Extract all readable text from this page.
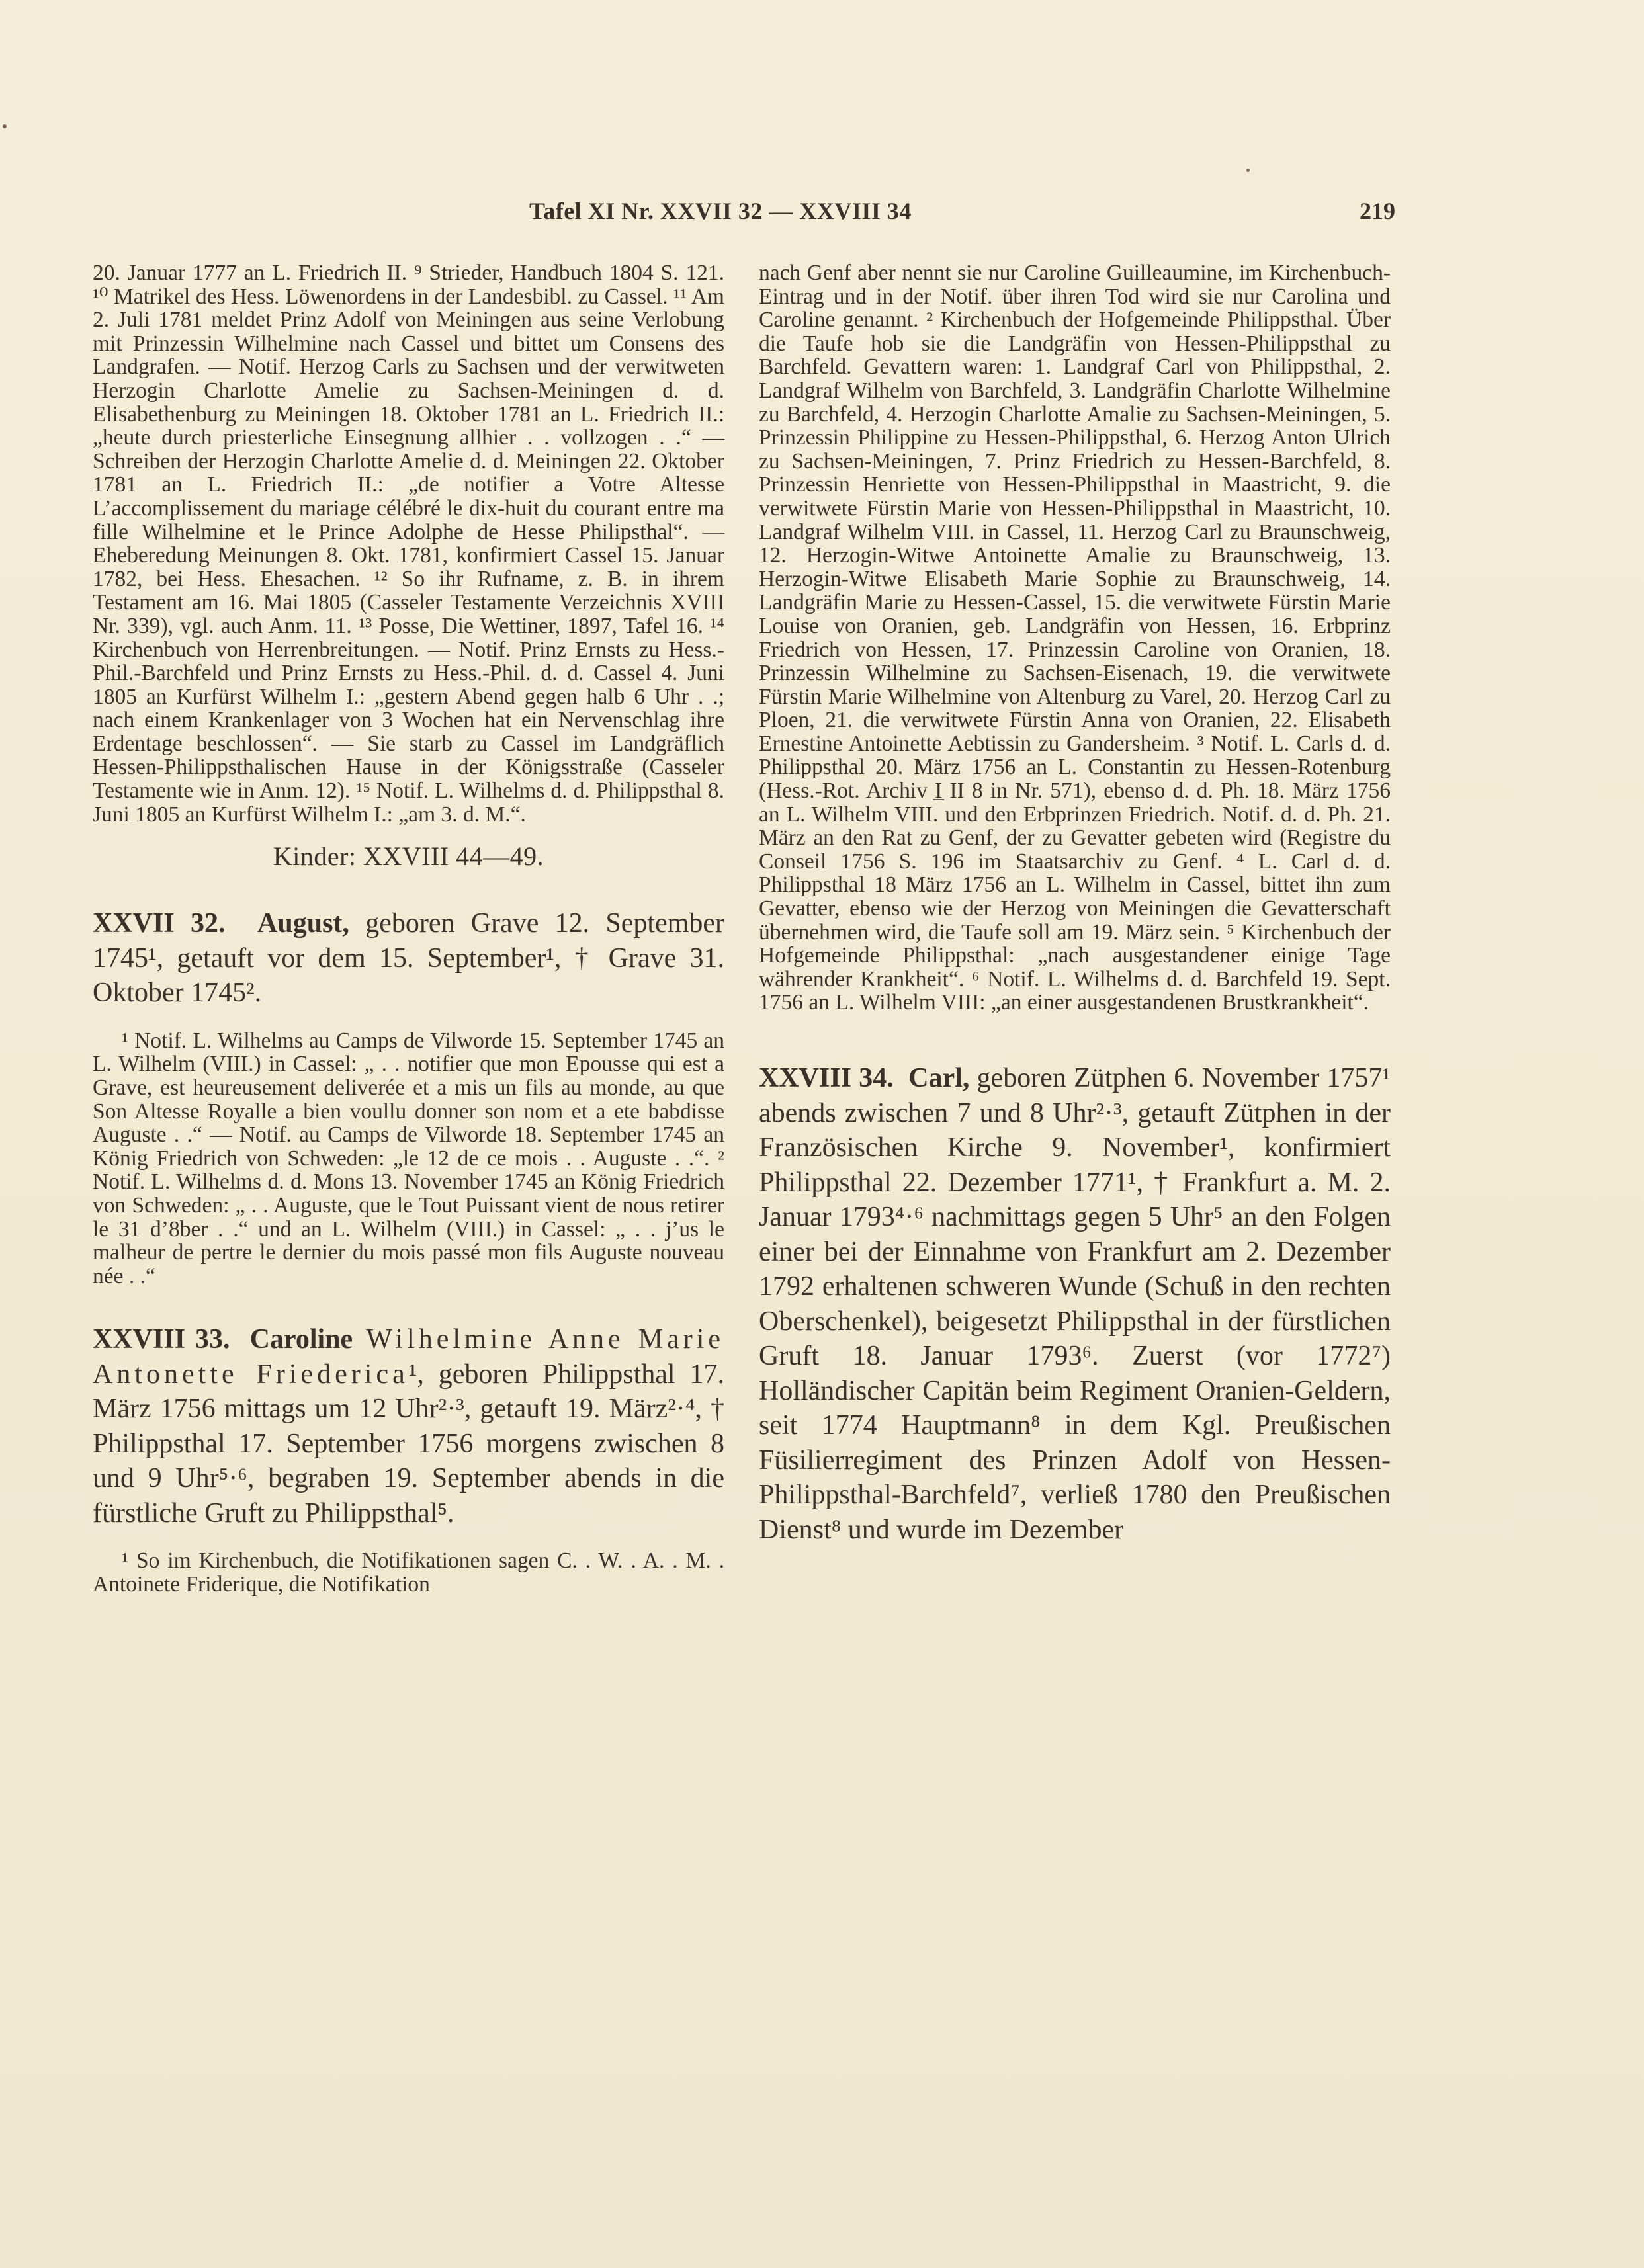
Tafel XI Nr. XXVII 32 — XXVIII 34	219

20. Januar 1777 an L. Friedrich II. ⁹ Strieder, Handbuch 1804 S. 121. ¹⁰ Matrikel des Hess. Löwenordens in der Landesbibl. zu Cassel. ¹¹ Am 2. Juli 1781 meldet Prinz Adolf von Meiningen aus seine Verlobung mit Prinzessin Wilhelmine nach Cassel und bittet um Consens des Landgrafen. — Notif. Herzog Carls zu Sachsen und der verwitweten Herzogin Charlotte Amelie zu Sachsen-Meiningen d. d. Elisabethenburg zu Meiningen 18. Oktober 1781 an L. Friedrich II.: „heute durch priesterliche Einsegnung allhier . . vollzogen . .“ — Schreiben der Herzogin Charlotte Amelie d. d. Meiningen 22. Oktober 1781 an L. Friedrich II.: „de notifier a Votre Altesse L’accomplissement du mariage célébré le dix-huit du courant entre ma fille Wilhelmine et le Prince Adolphe de Hesse Philipsthal“. — Eheberedung Meinungen 8. Okt. 1781, konfirmiert Cassel 15. Januar 1782, bei Hess. Ehesachen. ¹² So ihr Rufname, z. B. in ihrem Testament am 16. Mai 1805 (Casseler Testamente Verzeichnis XVIII Nr. 339), vgl. auch Anm. 11. ¹³ Posse, Die Wettiner, 1897, Tafel 16. ¹⁴ Kirchenbuch von Herrenbreitungen. — Notif. Prinz Ernsts zu Hess.-Phil.-Barchfeld und Prinz Ernsts zu Hess.-Phil. d. d. Cassel 4. Juni 1805 an Kurfürst Wilhelm I.: „gestern Abend gegen halb 6 Uhr . .; nach einem Krankenlager von 3 Wochen hat ein Nervenschlag ihre Erdentage beschlossen“. — Sie starb zu Cassel im Landgräflich Hessen-Philippsthalischen Hause in der Königsstraße (Casseler Testamente wie in Anm. 12). ¹⁵ Notif. L. Wilhelms d. d. Philippsthal 8. Juni 1805 an Kurfürst Wilhelm I.: „am 3. d. M.“.

Kinder: XXVIII 44—49.

XXVII 32. August, geboren Grave 12. September 1745¹, getauft vor dem 15. September¹, † Grave 31. Oktober 1745².

¹ Notif. L. Wilhelms au Camps de Vilworde 15. September 1745 an L. Wilhelm (VIII.) in Cassel: „ . . notifier que mon Epousse qui est a Grave, est heureusement deliverée et a mis un fils au monde, au que Son Altesse Royalle a bien voullu donner son nom et a ete babdisse Auguste . .“ — Notif. au Camps de Vilworde 18. September 1745 an König Friedrich von Schweden: „le 12 de ce mois . . Auguste . .“. ² Notif. L. Wilhelms d. d. Mons 13. November 1745 an König Friedrich von Schweden: „ . . Auguste, que le Tout Puissant vient de nous retirer le 31 d’8ber . .“ und an L. Wilhelm (VIII.) in Cassel: „ . . j’us le malheur de pertre le dernier du mois passé mon fils Auguste nouveau née . .“

XXVIII 33. Caroline Wilhelmine Anne Marie Antonette Friederica¹, geboren Philippsthal 17. März 1756 mittags um 12 Uhr²·³, getauft 19. März²·⁴, † Philippsthal 17. September 1756 morgens zwischen 8 und 9 Uhr⁵·⁶, begraben 19. September abends in die fürstliche Gruft zu Philippsthal⁵.

¹ So im Kirchenbuch, die Notifikationen sagen C. . W. . A. . M. . Antoinete Friderique, die Notifikation

nach Genf aber nennt sie nur Caroline Guilleaumine, im Kirchenbuch-Eintrag und in der Notif. über ihren Tod wird sie nur Carolina und Caroline genannt. ² Kirchenbuch der Hofgemeinde Philippsthal. Über die Taufe hob sie die Landgräfin von Hessen-Philippsthal zu Barchfeld. Gevattern waren: 1. Landgraf Carl von Philippsthal, 2. Landgraf Wilhelm von Barchfeld, 3. Landgräfin Charlotte Wilhelmine zu Barchfeld, 4. Herzogin Charlotte Amalie zu Sachsen-Meiningen, 5. Prinzessin Philippine zu Hessen-Philippsthal, 6. Herzog Anton Ulrich zu Sachsen-Meiningen, 7. Prinz Friedrich zu Hessen-Barchfeld, 8. Prinzessin Henriette von Hessen-Philippsthal in Maastricht, 9. die verwitwete Fürstin Marie von Hessen-Philippsthal in Maastricht, 10. Landgraf Wilhelm VIII. in Cassel, 11. Herzog Carl zu Braunschweig, 12. Herzogin-Witwe Antoinette Amalie zu Braunschweig, 13. Herzogin-Witwe Elisabeth Marie Sophie zu Braunschweig, 14. Landgräfin Marie zu Hessen-Cassel, 15. die verwitwete Fürstin Marie Louise von Oranien, geb. Landgräfin von Hessen, 16. Erbprinz Friedrich von Hessen, 17. Prinzessin Caroline von Oranien, 18. Prinzessin Wilhelmine zu Sachsen-Eisenach, 19. die verwitwete Fürstin Marie Wilhelmine von Altenburg zu Varel, 20. Herzog Carl zu Ploen, 21. die verwitwete Fürstin Anna von Oranien, 22. Elisabeth Ernestine Antoinette Aebtissin zu Gandersheim. ³ Notif. L. Carls d. d. Philippsthal 20. März 1756 an L. Constantin zu Hessen-Rotenburg (Hess.-Rot. Archiv I̲ II 8 in Nr. 571), ebenso d. d. Ph. 18. März 1756 an L. Wilhelm VIII. und den Erbprinzen Friedrich. Notif. d. d. Ph. 21. März an den Rat zu Genf, der zu Gevatter gebeten wird (Registre du Conseil 1756 S. 196 im Staatsarchiv zu Genf. ⁴ L. Carl d. d. Philippsthal 18 März 1756 an L. Wilhelm in Cassel, bittet ihn zum Gevatter, ebenso wie der Herzog von Meiningen die Gevatterschaft übernehmen wird, die Taufe soll am 19. März sein. ⁵ Kirchenbuch der Hofgemeinde Philippsthal: „nach ausgestandener einige Tage währender Krankheit“. ⁶ Notif. L. Wilhelms d. d. Barchfeld 19. Sept. 1756 an L. Wilhelm VIII: „an einer ausgestandenen Brustkrankheit“.

XXVIII 34. Carl, geboren Zütphen 6. November 1757¹ abends zwischen 7 und 8 Uhr²·³, getauft Zütphen in der Französischen Kirche 9. November¹, konfirmiert Philippsthal 22. Dezember 1771¹, † Frankfurt a. M. 2. Januar 1793⁴·⁶ nachmittags gegen 5 Uhr⁵ an den Folgen einer bei der Einnahme von Frankfurt am 2. Dezember 1792 erhaltenen schweren Wunde (Schuß in den rechten Oberschenkel), beigesetzt Philippsthal in der fürstlichen Gruft 18. Januar 1793⁶. Zuerst (vor 1772⁷) Holländischer Capitän beim Regiment Oranien-Geldern, seit 1774 Hauptmann⁸ in dem Kgl. Preußischen Füsilierregiment des Prinzen Adolf von Hessen-Philippsthal-Barchfeld⁷, verließ 1780 den Preußischen Dienst⁸ und wurde im Dezember
